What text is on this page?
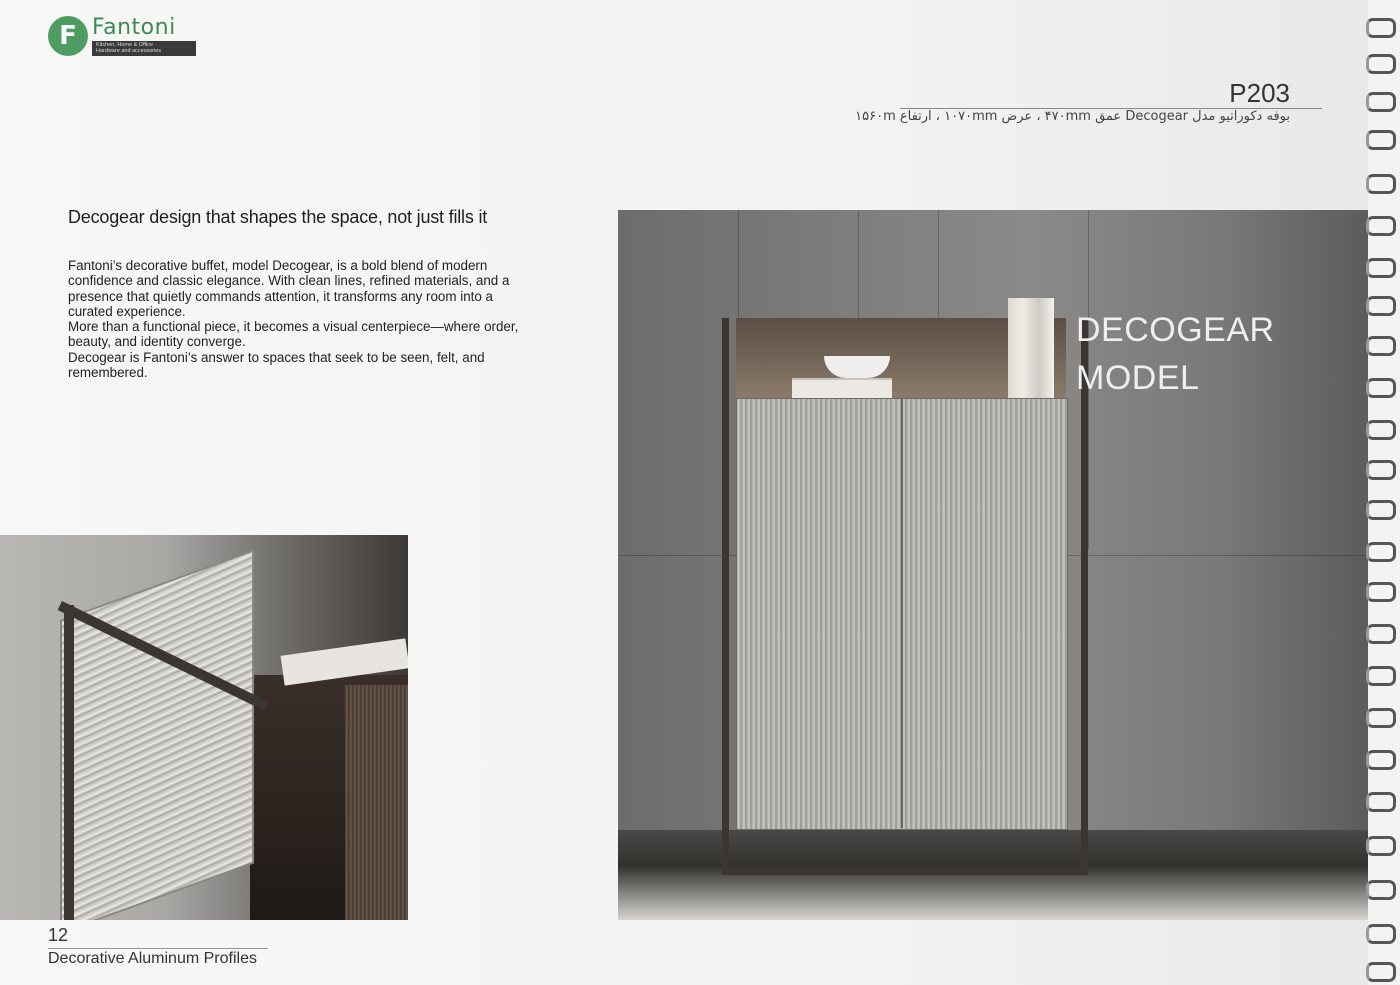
F Fantoni
Kitchen, Home & Office
Hardware and accessories
P203
بوفه دکوراتیو مدل Decogear عمق ۴۷۰mm ، عرض ۱۰۷۰mm ، ارتفاع ۱۵۶۰m
Decogear design that shapes the space, not just fills it

Fantoni’s decorative buffet, model Decogear, is a bold blend of modern confidence and classic elegance. With clean lines, refined materials, and a presence that quietly commands attention, it transforms any room into a curated experience.

More than a functional piece, it becomes a visual centerpiece—where order, beauty, and identity converge.

Decogear is Fantoni’s answer to spaces that seek to be seen, felt, and remembered.

DECOGEAR
MODEL
12
Decorative Aluminum Profiles
